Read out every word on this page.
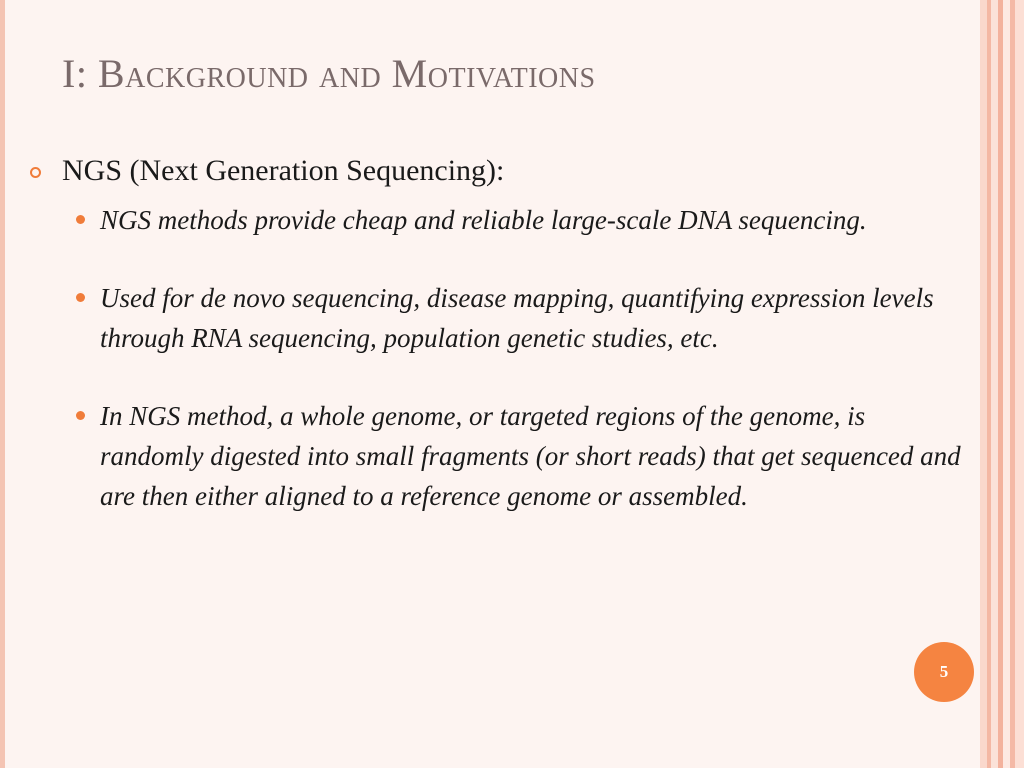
I: Background and Motivations
NGS (Next Generation Sequencing):
NGS methods provide cheap and reliable large-scale DNA sequencing.
Used for de novo sequencing, disease mapping, quantifying expression levels through RNA sequencing, population genetic studies, etc.
In NGS method, a whole genome, or targeted regions of the genome, is randomly digested into small fragments (or short reads) that get sequenced and are then either aligned to a reference genome or assembled.
5
